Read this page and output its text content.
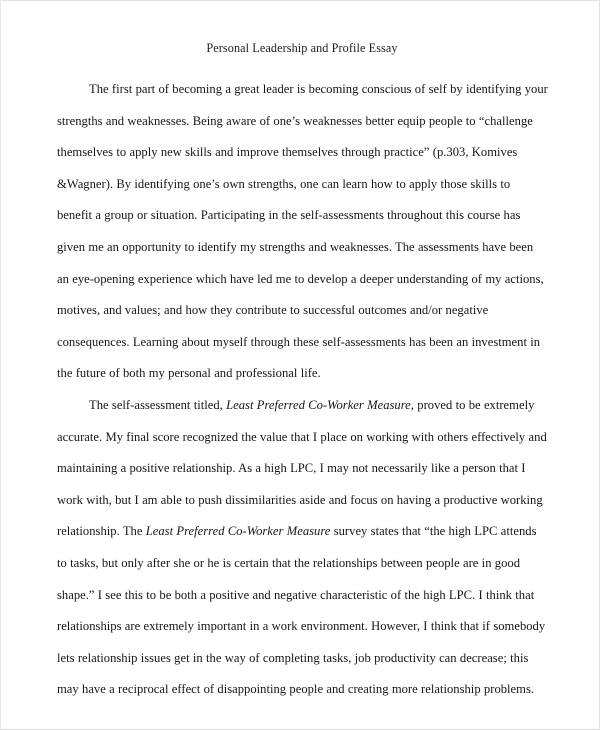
Personal Leadership and Profile Essay

The first part of becoming a great leader is becoming conscious of self by identifying your strengths and weaknesses. Being aware of one’s weaknesses better equip people to “challenge themselves to apply new skills and improve themselves through practice” (p.303, Komives &Wagner). By identifying one’s own strengths, one can learn how to apply those skills to benefit a group or situation. Participating in the self-assessments throughout this course has given me an opportunity to identify my strengths and weaknesses. The assessments have been an eye-opening experience which have led me to develop a deeper understanding of my actions, motives, and values; and how they contribute to successful outcomes and/or negative consequences. Learning about myself through these self-assessments has been an investment in the future of both my personal and professional life.

The self-assessment titled, Least Preferred Co-Worker Measure, proved to be extremely accurate. My final score recognized the value that I place on working with others effectively and maintaining a positive relationship. As a high LPC, I may not necessarily like a person that I work with, but I am able to push dissimilarities aside and focus on having a productive working relationship. The Least Preferred Co-Worker Measure survey states that “the high LPC attends to tasks, but only after she or he is certain that the relationships between people are in good shape.” I see this to be both a positive and negative characteristic of the high LPC. I think that relationships are extremely important in a work environment. However, I think that if somebody lets relationship issues get in the way of completing tasks, job productivity can decrease; this may have a reciprocal effect of disappointing people and creating more relationship problems.
